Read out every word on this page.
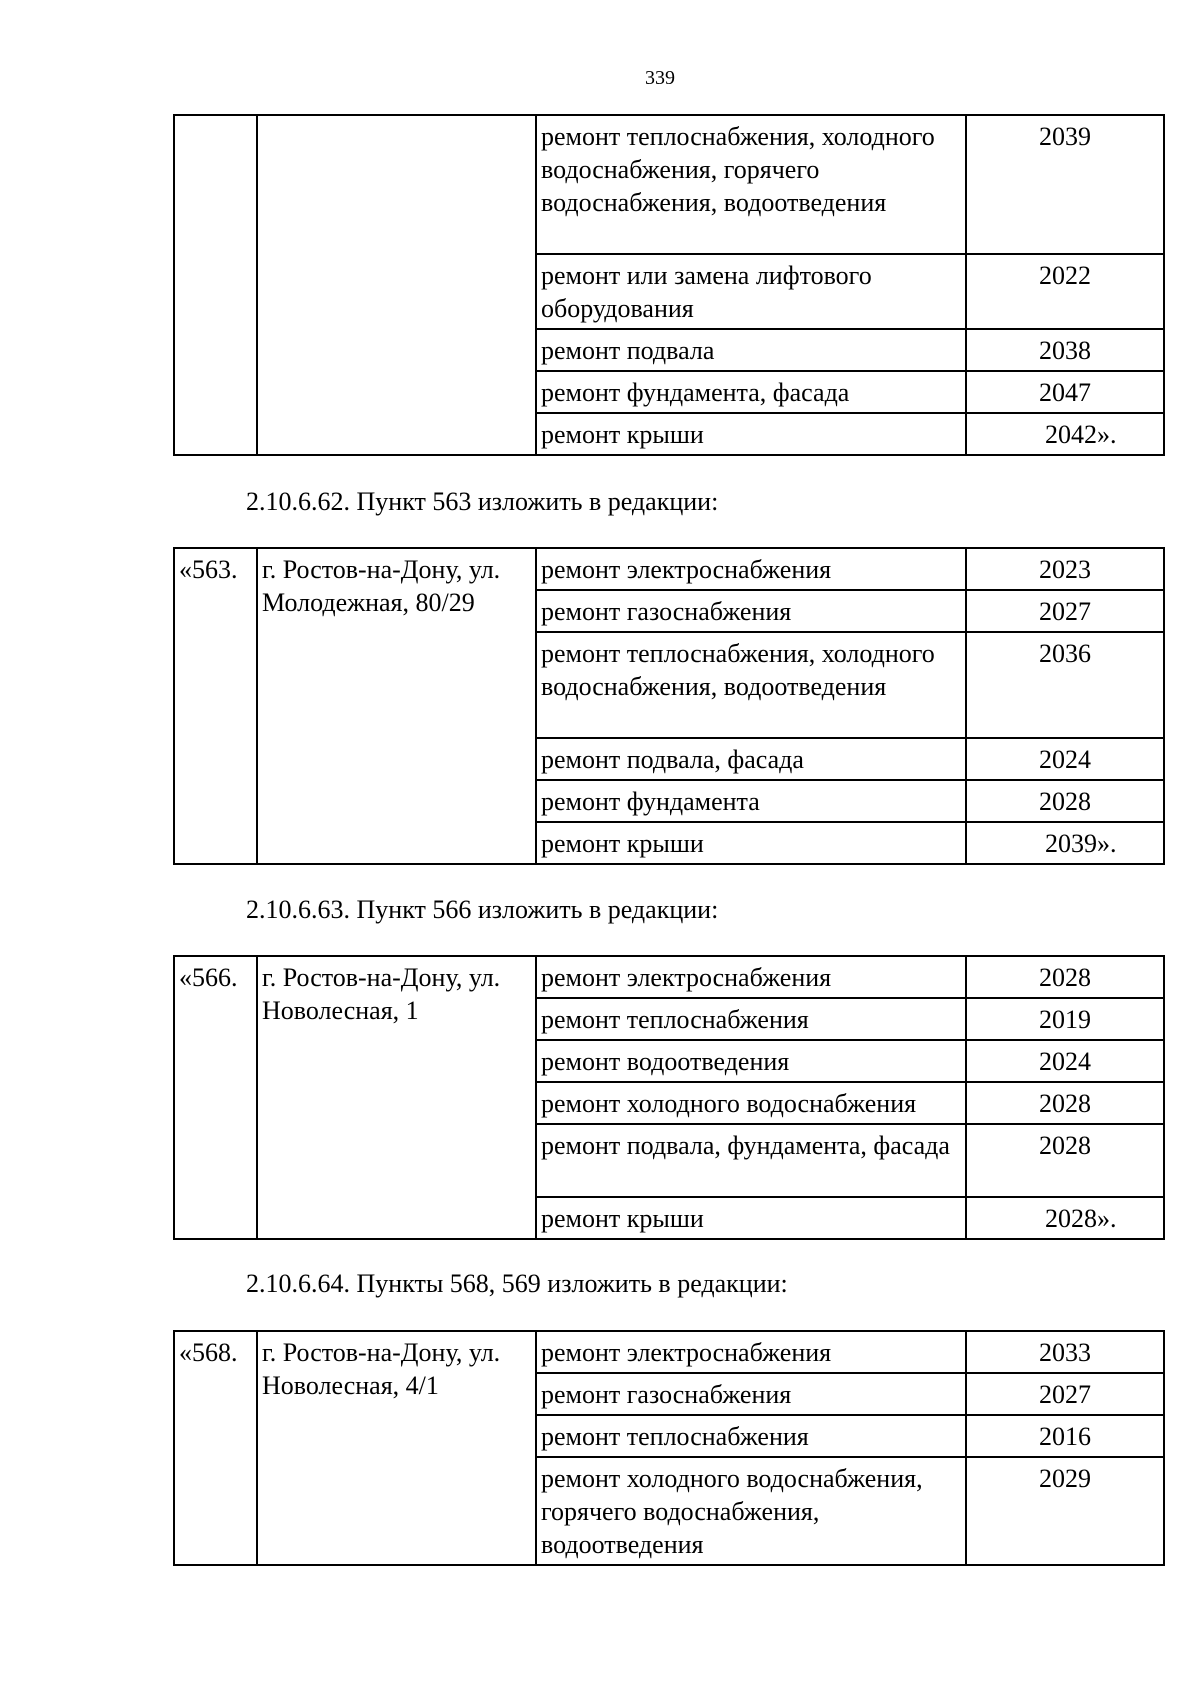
339
		ремонт теплоснабжения, холодного водоснабжения, горячего водоснабжения, водоотведения	2039
		ремонт или замена лифтового оборудования	2022
		ремонт подвала	2038
		ремонт фундамента, фасада	2047
		ремонт крыши	2042».
2.10.6.62. Пункт 563 изложить в редакции:
«563.	г. Ростов-на-Дону, ул. Молодежная, 80/29	ремонт электроснабжения	2023
		ремонт газоснабжения	2027
		ремонт теплоснабжения, холодного водоснабжения, водоотведения	2036
		ремонт подвала, фасада	2024
		ремонт фундамента	2028
		ремонт крыши	2039».
2.10.6.63. Пункт 566 изложить в редакции:
«566.	г. Ростов-на-Дону, ул. Новолесная, 1	ремонт электроснабжения	2028
		ремонт теплоснабжения	2019
		ремонт водоотведения	2024
		ремонт холодного водоснабжения	2028
		ремонт подвала, фундамента, фасада	2028
		ремонт крыши	2028».
2.10.6.64. Пункты 568, 569 изложить в редакции:
«568.	г. Ростов-на-Дону, ул. Новолесная, 4/1	ремонт электроснабжения	2033
		ремонт газоснабжения	2027
		ремонт теплоснабжения	2016
		ремонт холодного водоснабжения, горячего водоснабжения, водоотведения	2029
